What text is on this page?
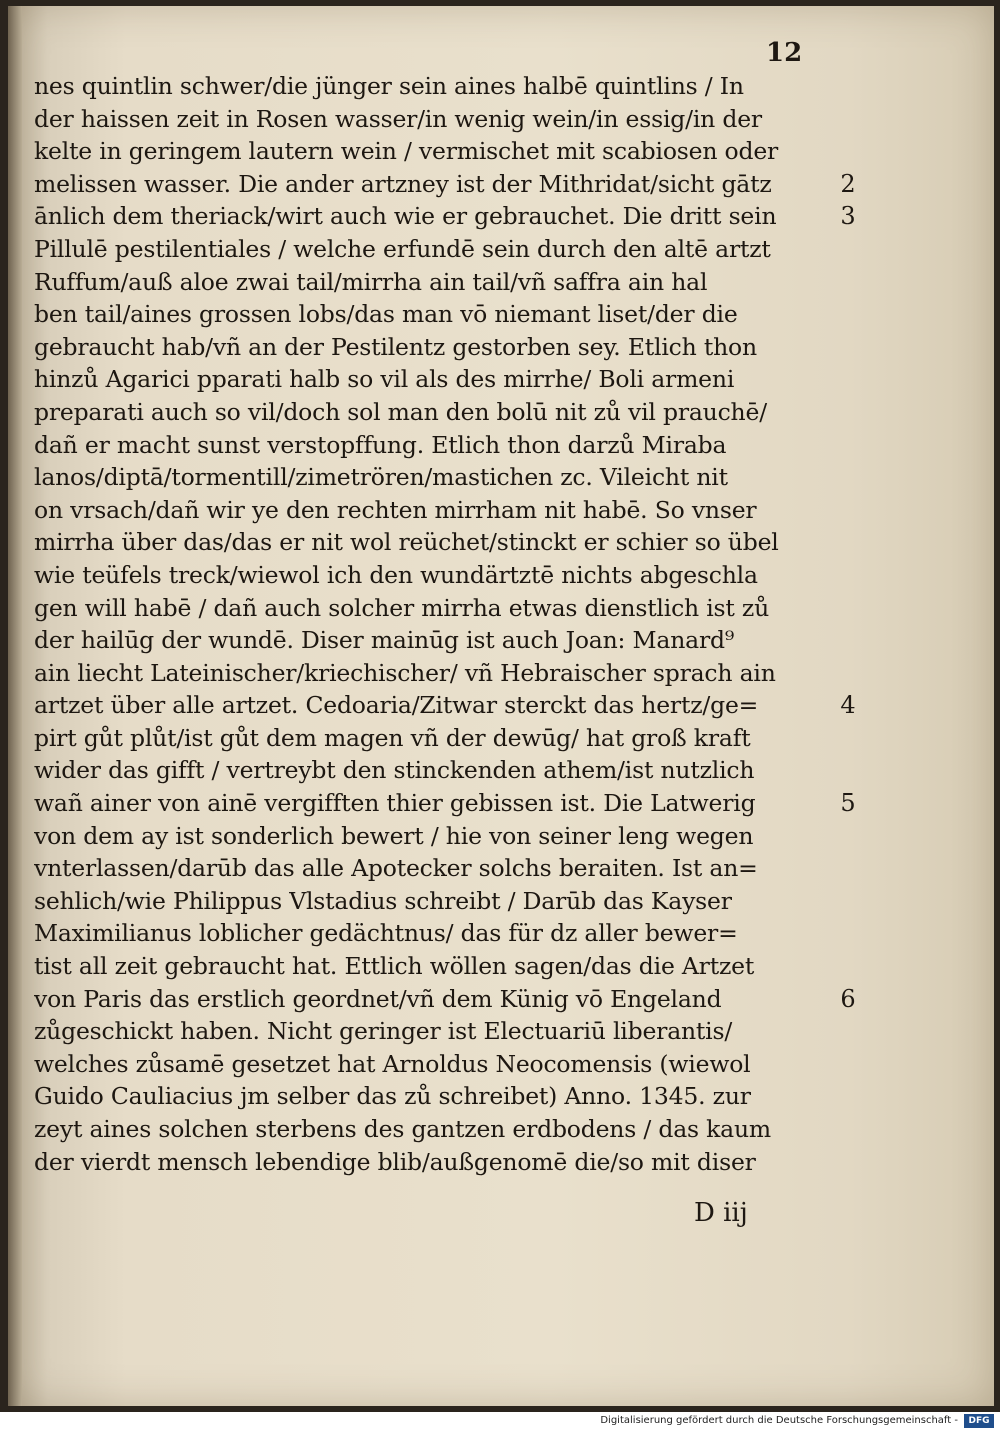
12
nes quintlin schwer/die jünger sein aines halbē quintlins / In
der haissen zeit in Rosen wasser/in wenig wein/in essig/in der
kelte in geringem lautern wein / vermischet mit scabiosen oder
melissen wasser. Die ander artzney ist der Mithridat/sicht gātz
ānlich dem theriack/wirt auch wie er gebrauchet. Die dritt sein
Pillulē pestilentiales / welche erfundē sein durch den altē artzt
Ruffum/auß aloe zwai tail/mirrha ain tail/vñ saffra ain hal
ben tail/aines grossen lobs/das man vō niemant liset/der die
gebraucht hab/vñ an der Pestilentz gestorben sey. Etlich thon
hinzů Agarici pparati halb so vil als des mirrhe/ Boli armeni
preparati auch so vil/doch sol man den bolū nit zů vil prauchē/
dañ er macht sunst verstopffung. Etlich thon darzů Miraba
lanos/diptā/tormentill/zimetrören/mastichen zc. Vileicht nit
on vrsach/dañ wir ye den rechten mirrham nit habē. So vnser
mirrha über das/das er nit wol reüchet/stinckt er schier so übel
wie teüfels treck/wiewol ich den wundärtztē nichts abgeschla
gen will habē / dañ auch solcher mirrha etwas dienstlich ist zů
der hailūg der wundē. Diser mainūg ist auch Joan: Manard⁹
ain liecht Lateinischer/kriechischer/ vñ Hebraischer sprach ain
artzet über alle artzet. Cedoaria/Zitwar sterckt das hertz/ge=
pirt gůt plůt/ist gůt dem magen vñ der dewūg/ hat groß kraft
wider das gifft / vertreybt den stinckenden athem/ist nutzlich
wañ ainer von ainē vergifften thier gebissen ist. Die Latwerig
von dem ay ist sonderlich bewert / hie von seiner leng wegen
vnterlassen/darūb das alle Apotecker solchs beraiten. Ist an=
sehlich/wie Philippus Vlstadius schreibt / Darūb das Kayser
Maximilianus loblicher gedächtnus/ das für dz aller bewer=
tist all zeit gebraucht hat. Ettlich wöllen sagen/das die Artzet
von Paris das erstlich geordnet/vñ dem Künig vō Engeland
zůgeschickt haben. Nicht geringer ist Electuariū liberantis/
welches zůsamē gesetzet hat Arnoldus Neocomensis (wiewol
Guido Cauliacius jm selber das zů schreibet) Anno. 1345. zur
zeyt aines solchen sterbens des gantzen erdbodens / das kaum
der vierdt mensch lebendige blib/außgenomē die/so mit diser
2
3
4
5
6
D iij
Digitalisierung gefördert durch die Deutsche Forschungsgemeinschaft -	DFG
